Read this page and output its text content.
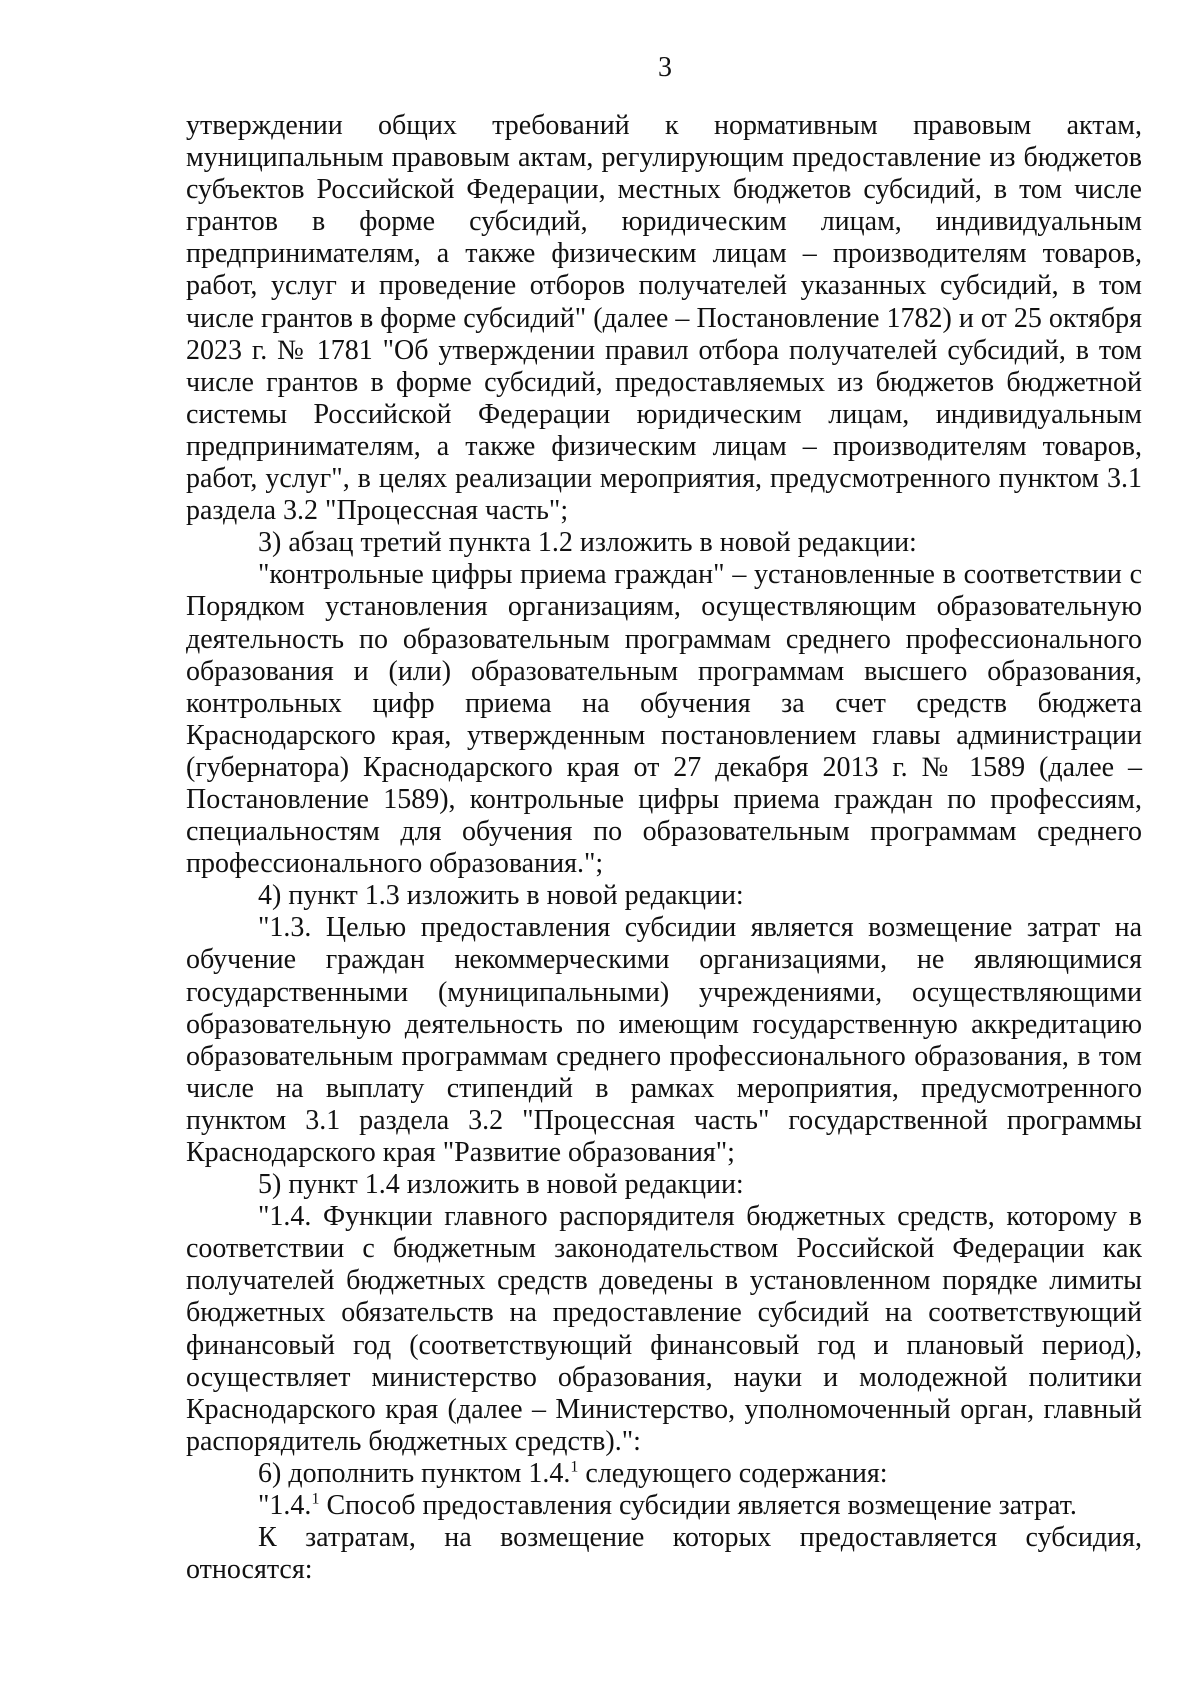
3

утверждении общих требований к нормативным правовым актам, муниципальным правовым актам, регулирующим предоставление из бюджетов субъектов Российской Федерации, местных бюджетов субсидий, в том числе грантов в форме субсидий, юридическим лицам, индивидуальным предпринимателям, а также физическим лицам – производителям товаров, работ, услуг и проведение отборов получателей указанных субсидий, в том числе грантов в форме субсидий" (далее – Постановление 1782) и от 25 октября 2023 г. № 1781 "Об утверждении правил отбора получателей субсидий, в том числе грантов в форме субсидий, предоставляемых из бюджетов бюджетной системы Российской Федерации юридическим лицам, индивидуальным предпринимателям, а также физическим лицам – производителям товаров, работ, услуг", в целях реализации мероприятия, предусмотренного пунктом 3.1 раздела 3.2 "Процессная часть";

3) абзац третий пункта 1.2 изложить в новой редакции:

"контрольные цифры приема граждан" – установленные в соответствии с Порядком установления организациям, осуществляющим образовательную деятельность по образовательным программам среднего профессионального образования и (или) образовательным программам высшего образования, контрольных цифр приема на обучения за счет средств бюджета Краснодарского края, утвержденным постановлением главы администрации (губернатора) Краснодарского края от 27 декабря 2013 г. № 1589 (далее – Постановление 1589), контрольные цифры приема граждан по профессиям, специальностям для обучения по образовательным программам среднего профессионального образования.";

4) пункт 1.3 изложить в новой редакции:

"1.3. Целью предоставления субсидии является возмещение затрат на обучение граждан некоммерческими организациями, не являющимися государственными (муниципальными) учреждениями, осуществляющими образовательную деятельность по имеющим государственную аккредитацию образовательным программам среднего профессионального образования, в том числе на выплату стипендий в рамках мероприятия, предусмотренного пунктом 3.1 раздела 3.2 "Процессная часть" государственной программы Краснодарского края "Развитие образования";

5) пункт 1.4 изложить в новой редакции:

"1.4. Функции главного распорядителя бюджетных средств, которому в соответствии с бюджетным законодательством Российской Федерации как получателей бюджетных средств доведены в установленном порядке лимиты бюджетных обязательств на предоставление субсидий на соответствующий финансовый год (соответствующий финансовый год и плановый период), осуществляет министерство образования, науки и молодежной политики Краснодарского края (далее – Министерство, уполномоченный орган, главный распорядитель бюджетных средств).":

6) дополнить пунктом 1.4.$^1$ следующего содержания:

"1.4.$^1$ Способ предоставления субсидии является возмещение затрат.

К затратам, на возмещение которых предоставляется субсидия, относятся:
